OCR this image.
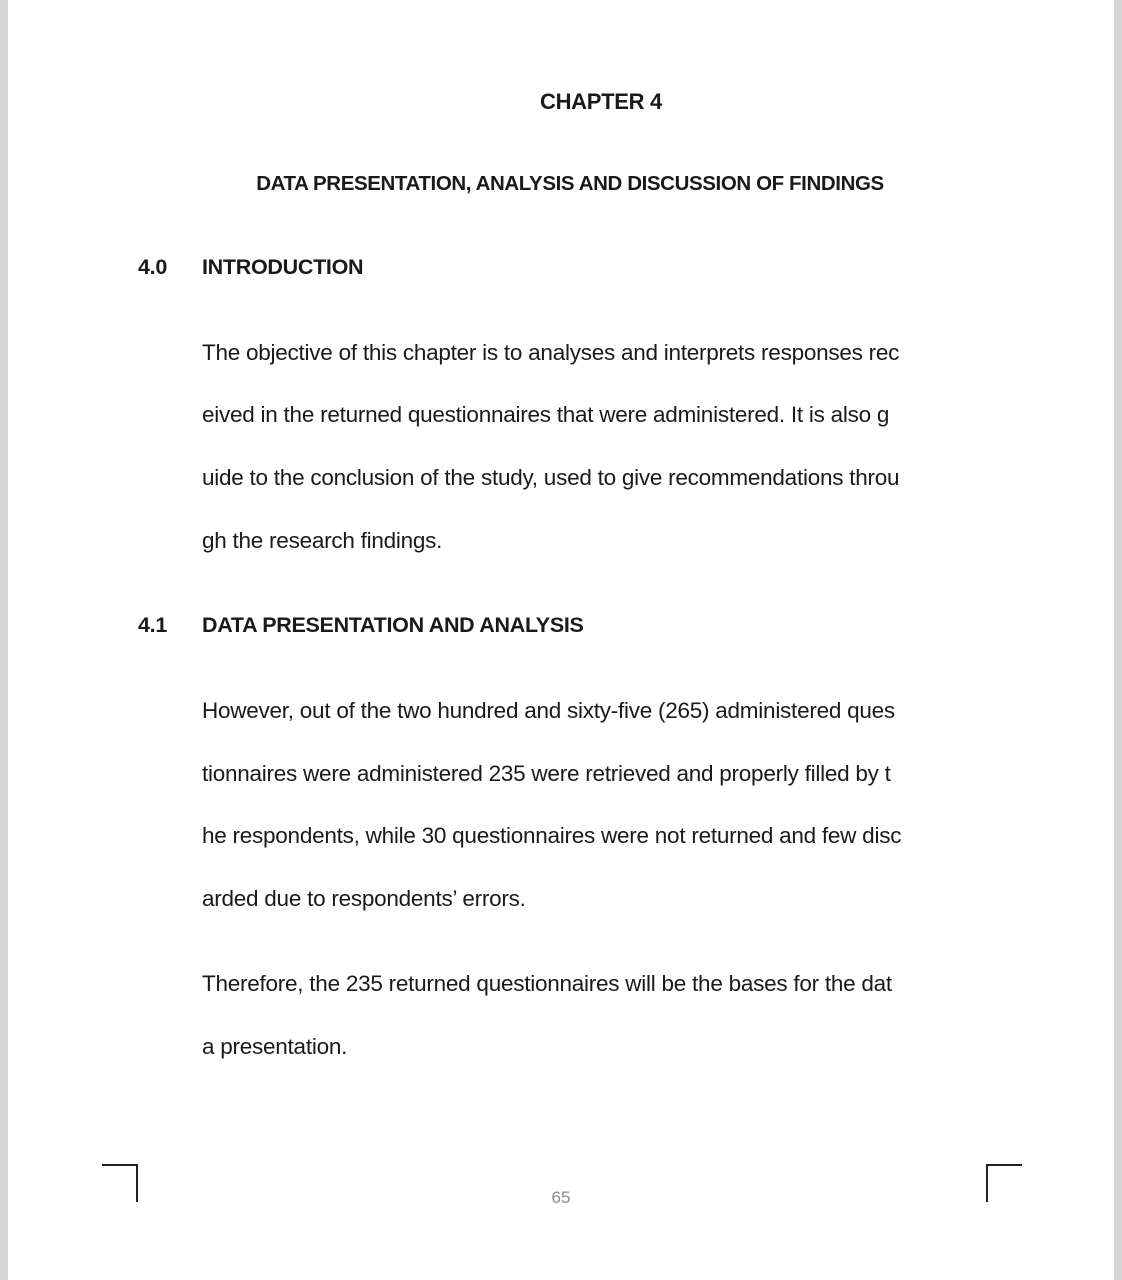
CHAPTER 4
DATA PRESENTATION, ANALYSIS AND DISCUSSION OF FINDINGS
4.0 INTRODUCTION
The objective of this chapter is to analyses and interprets responses rec
eived in the returned questionnaires that were administered. It is also g
uide to the conclusion of the study, used to give recommendations throu
gh the research findings.
4.1 DATA PRESENTATION AND ANALYSIS
However, out of the two hundred and sixty-five (265) administered ques
tionnaires were administered 235 were retrieved and properly filled by t
he respondents, while 30 questionnaires were not returned and few disc
arded due to respondents’ errors.
Therefore, the 235 returned questionnaires will be the bases for the dat
a presentation.
65
